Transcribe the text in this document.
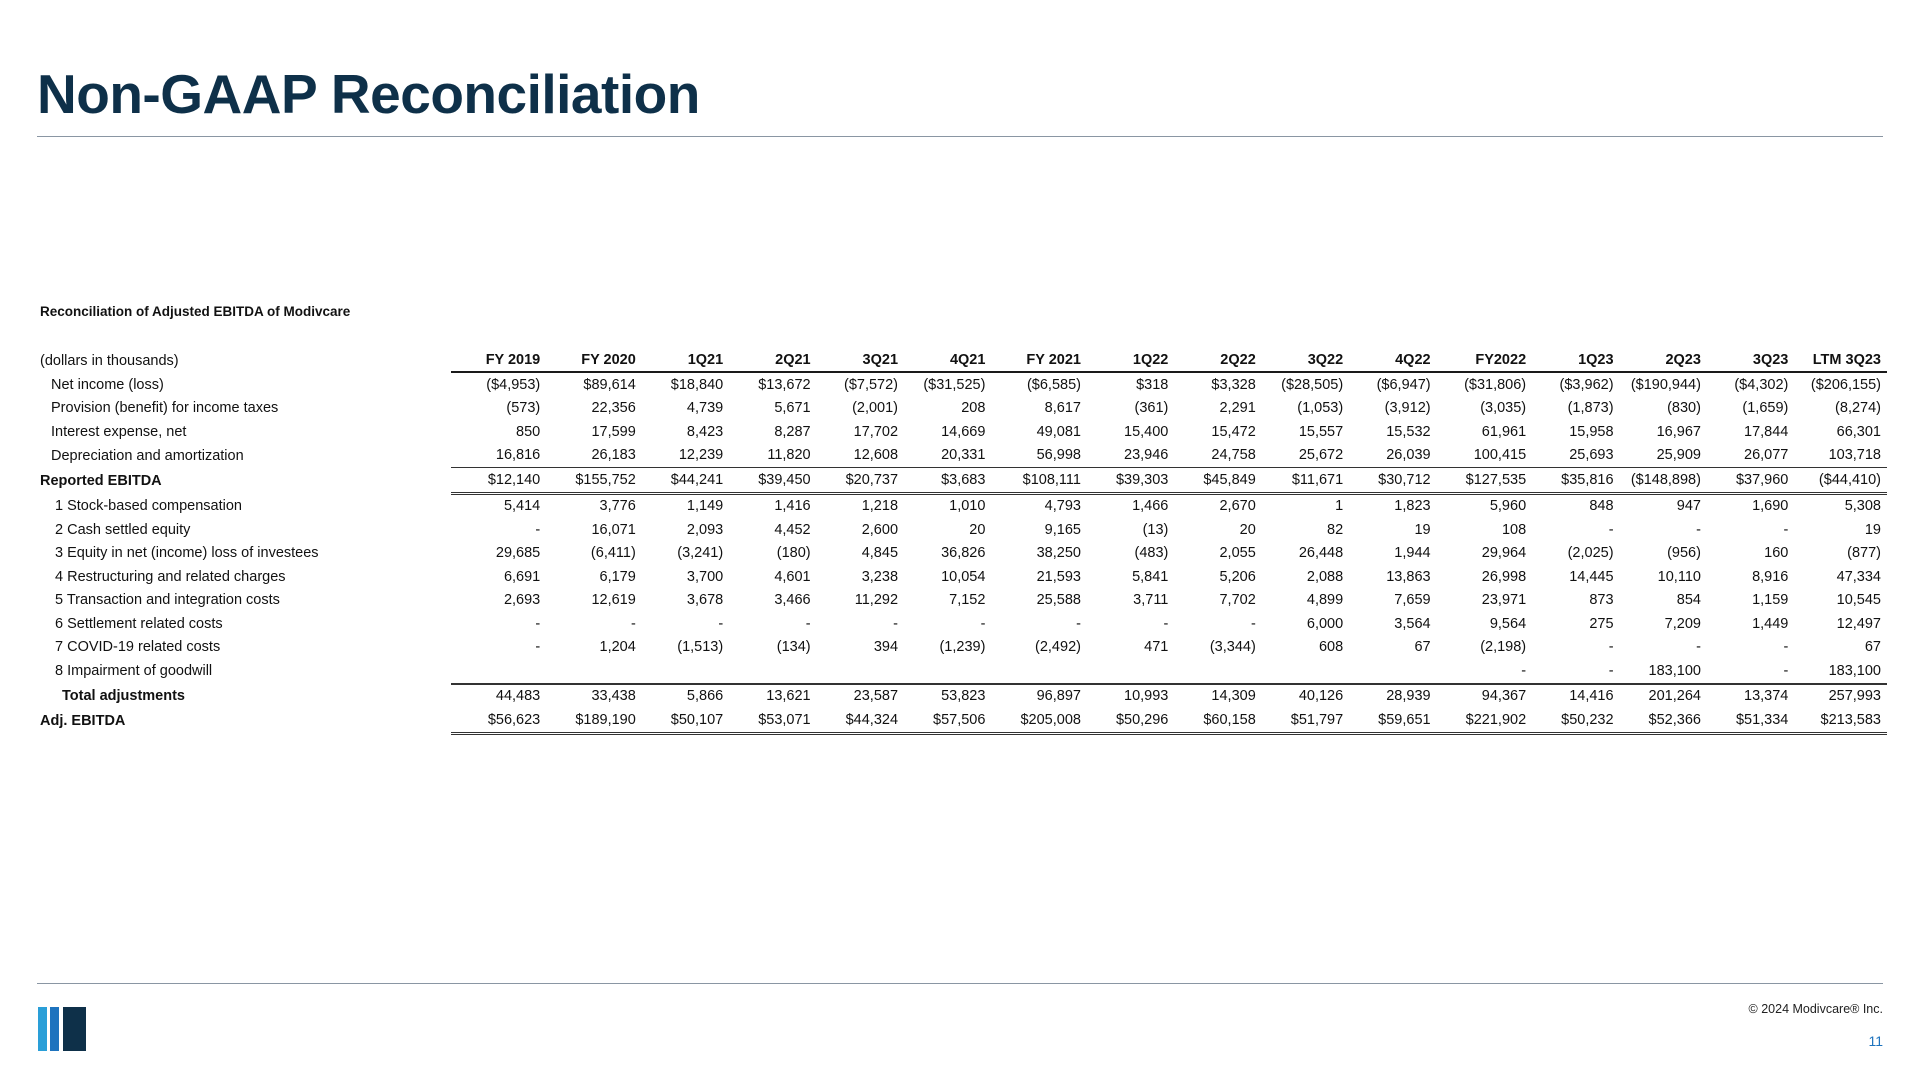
Non-GAAP Reconciliation
Reconciliation of Adjusted EBITDA of Modivcare
(dollars in thousands)	FY 2019	FY 2020	1Q21	2Q21	3Q21	4Q21	FY 2021	1Q22	2Q22	3Q22	4Q22	FY2022	1Q23	2Q23	3Q23	LTM 3Q23
Net income (loss)	($4,953)	$89,614	$18,840	$13,672	($7,572)	($31,525)	($6,585)	$318	$3,328	($28,505)	($6,947)	($31,806)	($3,962)	($190,944)	($4,302)	($206,155)
Provision (benefit) for income taxes	(573)	22,356	4,739	5,671	(2,001)	208	8,617	(361)	2,291	(1,053)	(3,912)	(3,035)	(1,873)	(830)	(1,659)	(8,274)
Interest expense, net	850	17,599	8,423	8,287	17,702	14,669	49,081	15,400	15,472	15,557	15,532	61,961	15,958	16,967	17,844	66,301
Depreciation and amortization	16,816	26,183	12,239	11,820	12,608	20,331	56,998	23,946	24,758	25,672	26,039	100,415	25,693	25,909	26,077	103,718
Reported EBITDA	$12,140	$155,752	$44,241	$39,450	$20,737	$3,683	$108,111	$39,303	$45,849	$11,671	$30,712	$127,535	$35,816	($148,898)	$37,960	($44,410)
1 Stock-based compensation	5,414	3,776	1,149	1,416	1,218	1,010	4,793	1,466	2,670	1	1,823	5,960	848	947	1,690	5,308
2 Cash settled equity	-	16,071	2,093	4,452	2,600	20	9,165	(13)	20	82	19	108	-	-	-	19
3 Equity in net (income) loss of investees	29,685	(6,411)	(3,241)	(180)	4,845	36,826	38,250	(483)	2,055	26,448	1,944	29,964	(2,025)	(956)	160	(877)
4 Restructuring and related charges	6,691	6,179	3,700	4,601	3,238	10,054	21,593	5,841	5,206	2,088	13,863	26,998	14,445	10,110	8,916	47,334
5 Transaction and integration costs	2,693	12,619	3,678	3,466	11,292	7,152	25,588	3,711	7,702	4,899	7,659	23,971	873	854	1,159	10,545
6 Settlement related costs	-	-	-	-	-	-	-	-	-	6,000	3,564	9,564	275	7,209	1,449	12,497
7 COVID-19 related costs	-	1,204	(1,513)	(134)	394	(1,239)	(2,492)	471	(3,344)	608	67	(2,198)	-	-	-	67
8 Impairment of goodwill												-	-	183,100	-	183,100
Total adjustments	44,483	33,438	5,866	13,621	23,587	53,823	96,897	10,993	14,309	40,126	28,939	94,367	14,416	201,264	13,374	257,993
Adj. EBITDA	$56,623	$189,190	$50,107	$53,071	$44,324	$57,506	$205,008	$50,296	$60,158	$51,797	$59,651	$221,902	$50,232	$52,366	$51,334	$213,583
© 2024 Modivcare® Inc.
11
